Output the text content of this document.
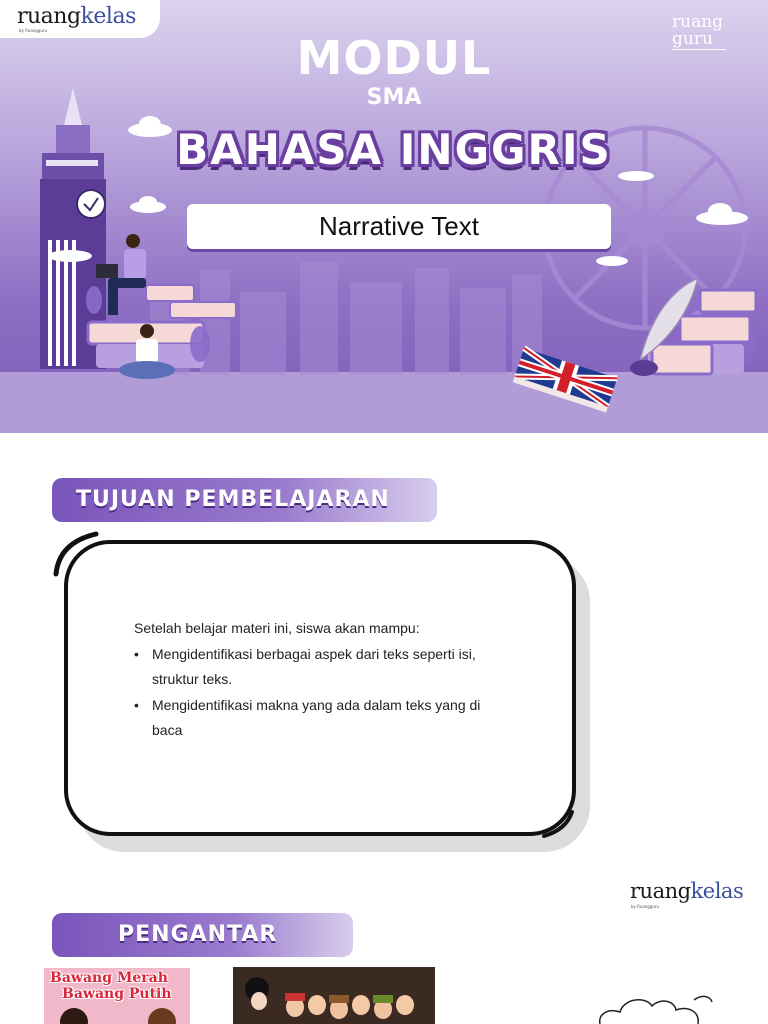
ruangkelas
by Ruangguru	ruang
guru
MODUL
SMA
BAHASA INGGRIS
Narrative Text
TUJUAN PEMBELAJARAN

Setelah belajar materi ini, siswa akan mampu:

• Mengidentifikasi berbagai aspek dari teks seperti isi,
struktur teks.
• Mengidentifikasi makna yang ada dalam teks yang di
baca
ruangkelas
by Ruangguru
PENGANTAR
Bawang Merah
Bawang Putih
